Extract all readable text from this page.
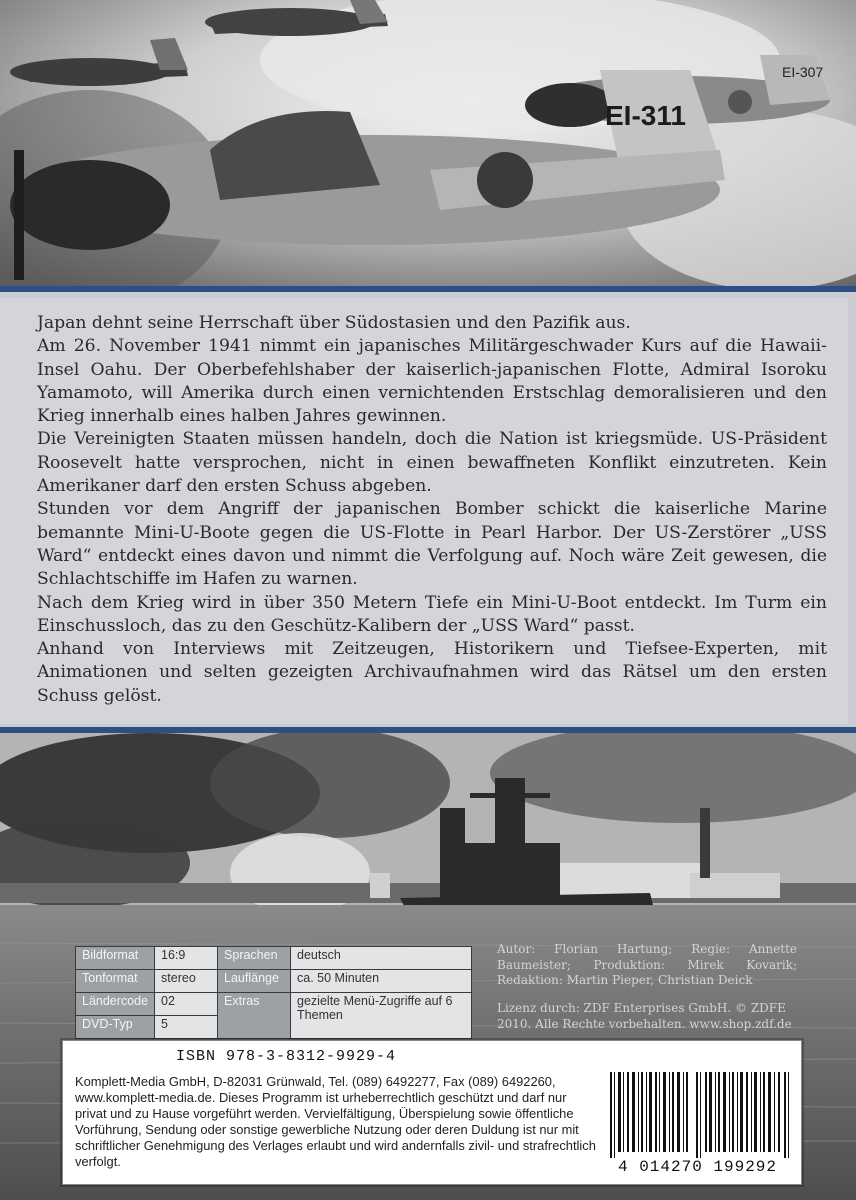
EI-307
EI-311

Japan dehnt seine Herrschaft über Südostasien und den Pazifik aus.

Am 26. November 1941 nimmt ein japanisches Militärgeschwader Kurs auf die Hawaii-Insel Oahu. Der Oberbefehlshaber der kaiserlich-japanischen Flotte, Admiral Isoroku Yamamoto, will Amerika durch einen vernichtenden Erstschlag demoralisieren und den Krieg innerhalb eines halben Jahres gewinnen.

Die Vereinigten Staaten müssen handeln, doch die Nation ist kriegsmüde. US-Präsident Roosevelt hatte versprochen, nicht in einen bewaffneten Konflikt einzutreten. Kein Amerikaner darf den ersten Schuss abgeben.

Stunden vor dem Angriff der japanischen Bomber schickt die kaiserliche Marine bemannte Mini-U-Boote gegen die US-Flotte in Pearl Harbor. Der US-Zerstörer „USS Ward“ entdeckt eines davon und nimmt die Verfolgung auf. Noch wäre Zeit gewesen, die Schlachtschiffe im Hafen zu warnen.

Nach dem Krieg wird in über 350 Metern Tiefe ein Mini-U-Boot entdeckt. Im Turm ein Einschussloch, das zu den Geschütz-Kalibern der „USS Ward“ passt.

Anhand von Interviews mit Zeitzeugen, Historikern und Tiefsee-Experten, mit Animationen und selten gezeigten Archivaufnahmen wird das Rätsel um den ersten Schuss gelöst.

Bildformat	16:9	Sprachen	deutsch
Tonformat	stereo	Lauflänge	ca. 50 Minuten
Ländercode	02	Extras	gezielte Menü-Zugriffe auf 6 Themen
DVD-Typ	5		

Autor: Florian Hartung; Regie: Annette Baumeister; Produktion: Mirek Kovarik; Redaktion: Martin Pieper, Christian Deick

Lizenz durch: ZDF Enterprises GmbH. © ZDFE 2010. Alle Rechte vorbehalten. www.shop.zdf.de

ISBN 978-3-8312-9929-4

Komplett-Media GmbH, D-82031 Grünwald, Tel. (089) 6492277, Fax (089) 6492260, www.komplett-media.de. Dieses Programm ist urheberrechtlich geschützt und darf nur privat und zu Hause vorgeführt werden. Vervielfältigung, Überspielung sowie öffentliche Vorführung, Sendung oder sonstige gewerbliche Nutzung oder deren Duldung ist nur mit schriftlicher Genehmigung des Verlages erlaubt und wird andernfalls zivil- und strafrechtlich verfolgt.	4 014270 199292
